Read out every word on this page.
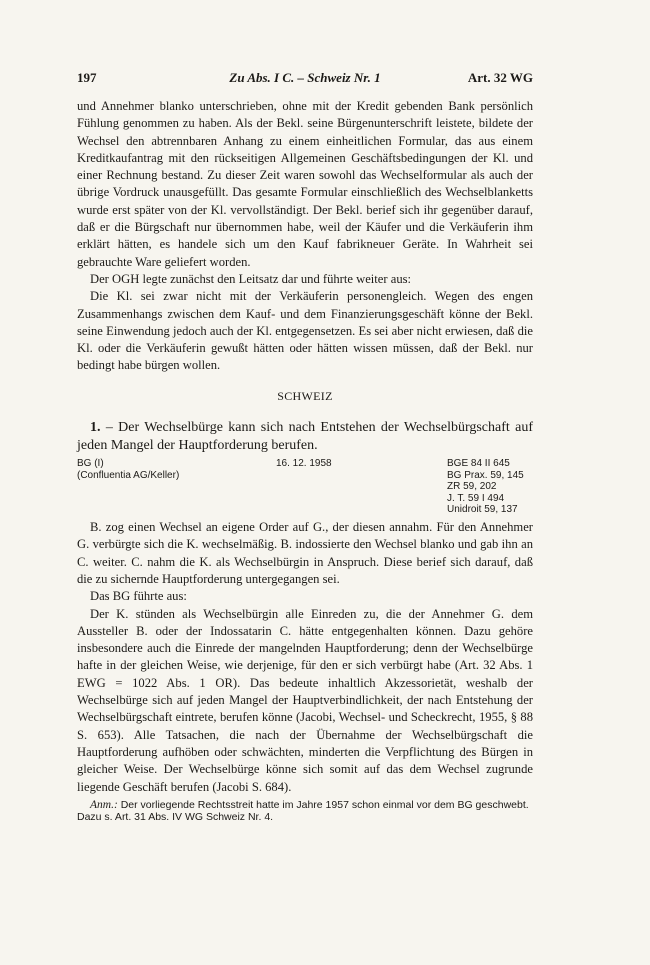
197	Zu Abs. I C. – Schweiz Nr. 1	Art. 32 WG

und Annehmer blanko unterschrieben, ohne mit der Kredit gebenden Bank persönlich Fühlung genommen zu haben. Als der Bekl. seine Bürgenunterschrift leistete, bildete der Wechsel den abtrennbaren Anhang zu einem einheitlichen Formular, das aus einem Kreditkaufantrag mit den rückseitigen Allgemeinen Geschäftsbedingungen der Kl. und einer Rechnung bestand. Zu dieser Zeit waren sowohl das Wechselformular als auch der übrige Vordruck unausgefüllt. Das gesamte Formular einschließlich des Wechselblanketts wurde erst später von der Kl. vervollständigt. Der Bekl. berief sich ihr gegenüber darauf, daß er die Bürgschaft nur übernommen habe, weil der Käufer und die Verkäuferin ihm erklärt hätten, es handele sich um den Kauf fabrikneuer Geräte. In Wahrheit sei gebrauchte Ware geliefert worden.

Der OGH legte zunächst den Leitsatz dar und führte weiter aus:

Die Kl. sei zwar nicht mit der Verkäuferin personengleich. Wegen des engen Zusammenhangs zwischen dem Kauf- und dem Finanzierungsgeschäft könne der Bekl. seine Einwendung jedoch auch der Kl. entgegensetzen. Es sei aber nicht erwiesen, daß die Kl. oder die Verkäuferin gewußt hätten oder hätten wissen müssen, daß der Bekl. nur bedingt habe bürgen wollen.

SCHWEIZ

1. – Der Wechselbürge kann sich nach Entstehen der Wechselbürgschaft auf jeden Mangel der Hauptforderung berufen.

BG (I)
(Confluentia AG/Keller)
16. 12. 1958	BGE 84 II 645
BG Prax. 59, 145
ZR 59, 202
J. T. 59 I 494
Unidroit 59, 137

B. zog einen Wechsel an eigene Order auf G., der diesen annahm. Für den Annehmer G. verbürgte sich die K. wechselmäßig. B. indossierte den Wechsel blanko und gab ihn an C. weiter. C. nahm die K. als Wechselbürgin in Anspruch. Diese berief sich darauf, daß die zu sichernde Hauptforderung untergegangen sei.

Das BG führte aus:

Der K. stünden als Wechselbürgin alle Einreden zu, die der Annehmer G. dem Aussteller B. oder der Indossatarin C. hätte entgegenhalten können. Dazu gehöre insbesondere auch die Einrede der mangelnden Hauptforderung; denn der Wechselbürge hafte in der gleichen Weise, wie derjenige, für den er sich verbürgt habe (Art. 32 Abs. 1 EWG = 1022 Abs. 1 OR). Das bedeute inhaltlich Akzessorietät, weshalb der Wechselbürge sich auf jeden Mangel der Hauptverbindlichkeit, der nach Entstehung der Wechselbürgschaft eintrete, berufen könne (Jacobi, Wechsel- und Scheckrecht, 1955, § 88 S. 653). Alle Tatsachen, die nach der Übernahme der Wechselbürgschaft die Hauptforderung aufhöben oder schwächten, minderten die Verpflichtung des Bürgen in gleicher Weise. Der Wechselbürge könne sich somit auf das dem Wechsel zugrunde liegende Geschäft berufen (Jacobi S. 684).

Anm.: Der vorliegende Rechtsstreit hatte im Jahre 1957 schon einmal vor dem BG geschwebt. Dazu s. Art. 31 Abs. IV WG Schweiz Nr. 4.
